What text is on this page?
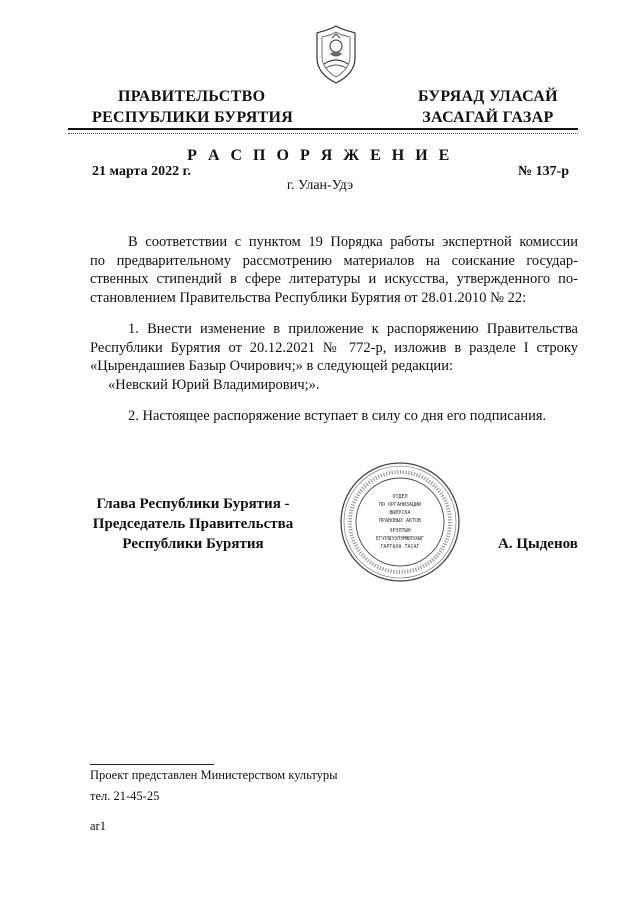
ПРАВИТЕЛЬСТВО
РЕСПУБЛИКИ БУРЯТИЯ
БУРЯАД УЛАСАЙ
ЗАСАГАЙ ГАЗАР
Р А С П О Р Я Ж Е Н И Е
21 марта 2022 г.	№ 137-р
г. Улан-Удэ
В соответствии с пунктом 19 Порядка работы экспертной комиссии
по предварительному рассмотрению материалов на соискание государ-
ственных стипендий в сфере литературы и искусства, утвержденного по-
становлением Правительства Республики Бурятия от 28.01.2010 № 22:
1. Внести изменение в приложение к распоряжению Правительства
Республики Бурятия от 20.12.2021 № 772-р, изложив в разделе I строку
«Цырендашиев Базыр Очирович;» в следующей редакции:
«Невский Юрий Владимирович;».
2. Настоящее распоряжение вступает в силу со дня его подписания.
Глава Республики Бурятия -
Председатель Правительства
Республики Бурятия
ОТДЕЛ
ПО ОРГАНИЗАЦИИ
ВЫПУСКА
ПРАВОВЫХ АКТОВ
ЭРЭЛТЫН
ЕГУРШЭЭЛЭМЖЛЭХЫГ
ГАРГАХА ТАСАГ	А. Цыденов
Проект представлен Министерством культуры
тел. 21-45-25
ar1
